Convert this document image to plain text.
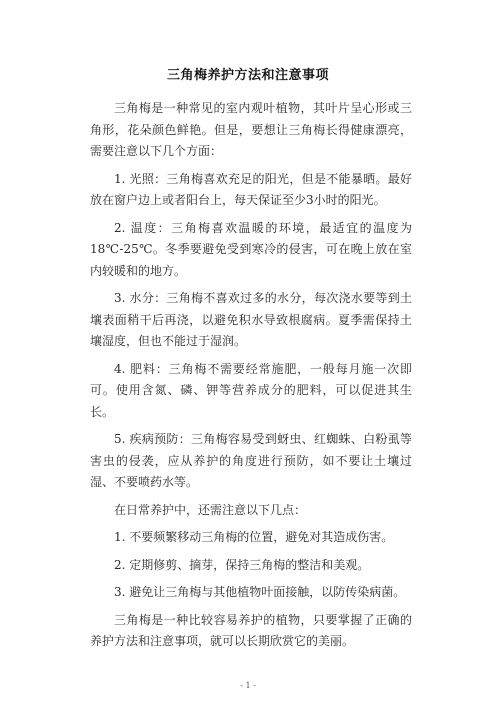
三角梅养护方法和注意事项

三角梅是一种常见的室内观叶植物，其叶片呈心形或三角形，花朵颜色鲜艳。但是，要想让三角梅长得健康漂亮，需要注意以下几个方面：

1. 光照：三角梅喜欢充足的阳光，但是不能暴晒。最好放在窗户边上或者阳台上，每天保证至少3小时的阳光。

2. 温度：三角梅喜欢温暖的环境，最适宜的温度为18℃-25℃。冬季要避免受到寒冷的侵害，可在晚上放在室内较暖和的地方。

3. 水分：三角梅不喜欢过多的水分，每次浇水要等到土壤表面稍干后再浇，以避免积水导致根腐病。夏季需保持土壤湿度，但也不能过于湿润。

4. 肥料：三角梅不需要经常施肥，一般每月施一次即可。使用含氮、磷、钾等营养成分的肥料，可以促进其生长。

5. 疾病预防：三角梅容易受到蚜虫、红蜘蛛、白粉虱等害虫的侵袭，应从养护的角度进行预防，如不要让土壤过湿、不要喷药水等。

在日常养护中，还需注意以下几点：

1. 不要频繁移动三角梅的位置，避免对其造成伤害。

2. 定期修剪、摘芽，保持三角梅的整洁和美观。

3. 避免让三角梅与其他植物叶面接触，以防传染病菌。

三角梅是一种比较容易养护的植物，只要掌握了正确的养护方法和注意事项，就可以长期欣赏它的美丽。

- 1 -
